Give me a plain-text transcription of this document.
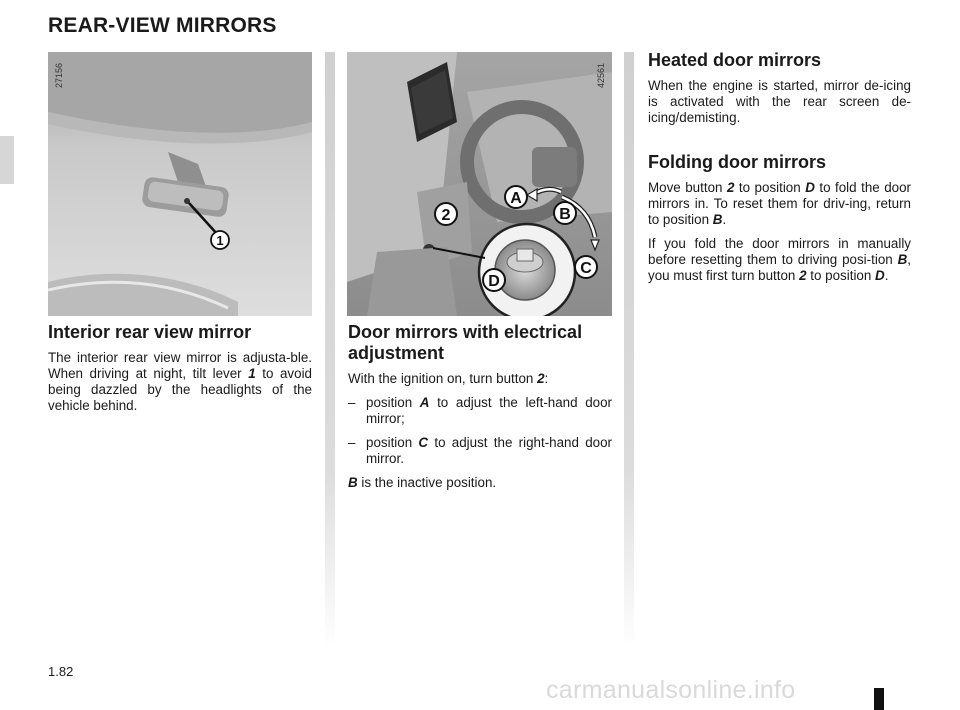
REAR-VIEW MIRRORS
1
27156
A
B
2
C
D
42561
Interior rear view mirror

The interior rear view mirror is adjusta-ble. When driving at night, tilt lever 1 to avoid being dazzled by the headlights of the vehicle behind.

Door mirrors with electrical adjustment

With the ignition on, turn button 2:

– position A to adjust the left-hand door mirror;
– position C to adjust the right-hand door mirror.

B is the inactive position.

Heated door mirrors

When the engine is started, mirror de-icing is activated with the rear screen de-icing/demisting.

Folding door mirrors

Move button 2 to position D to fold the door mirrors in. To reset them for driv-ing, return to position B.

If you fold the door mirrors in manually before resetting them to driving posi-tion B, you must first turn button 2 to position D.

1.82
carmanualsonline.info
